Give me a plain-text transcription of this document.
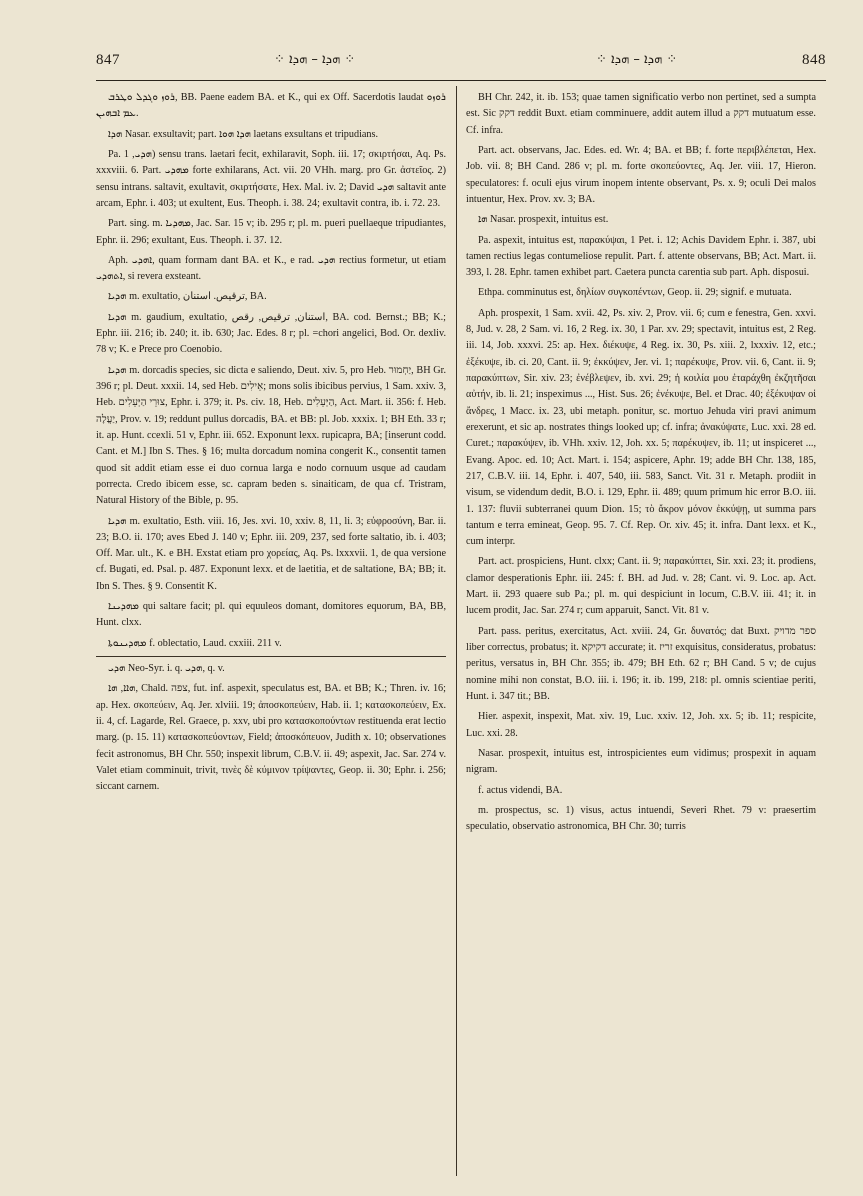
847	⁘ ܗܕܐ – ܗܕܐ ⁘	⁘ ܗܕܐ – ܗܕܐ ⁘	848

ܪܘܙ ܘܓܕܠ ܘܛܪܒ, BB. Paene eadem BA. et K., qui ex Off. Sacerdotis laudat ܪܘܙܘ ܥܡ ܐܒܗܝܢ.

ܗܕܐ Nasar. exsultavit; part. ܗܕܐ ܗܘܐ laetans exsultans et tripudians.

Pa. ܗܕܝ, 1) sensu trans. laetari fecit, exhilaravit, Soph. iii. 17; σκιρτήσαι, Aq. Ps. xxxviii. 6. Part. ܡܗܕܝ forte exhilarans, Act. vii. 20 VHh. marg. pro Gr. ἀστεῖος. 2) sensu intrans. saltavit, exultavit, σκιρτήσατε, Hex. Mal. iv. 2; David ܗܕܝ saltavit ante arcam, Ephr. i. 403; ut exultent, Eus. Theoph. i. 38. 24; exultavit contra, ib. i. 72. 23.

Part. sing. m. ܡܗܕܝܐ, Jac. Sar. 15 v; ib. 295 r; pl. m. pueri puellaeque tripudiantes, Ephr. ii. 296; exultant, Eus. Theoph. i. 37. 12.

Aph. ܐܗܕܝ, quam formam dant BA. et K., e rad. ܗܕܝ rectius formetur, ut etiam ܐܬܗܕܝ, si revera exsteant.

ܗܕܝܐ m. exultatio, ترقيص. استنان, BA.

ܗܕܝܐ m. gaudium, exultatio, استنان, ترقيص, رقص, BA. cod. Bernst.; BB; K.; Ephr. iii. 216; ib. 240; it. ib. 630; Jac. Edes. 8 r; pl. =chori angelici, Bod. Or. dexliv. 78 v; K. e Prece pro Coenobio.

ܗܕܝܐ m. dorcadis species, sic dicta e saliendo, Deut. xiv. 5, pro Heb. יַחְמוּר, BH Gr. 396 r; pl. Deut. xxxii. 14, sed Heb. אֵילִים; mons solis ibicibus pervius, 1 Sam. xxiv. 3, Heb. צוּרֵי הַיְּעֵלִים, Ephr. i. 379; it. Ps. civ. 18, Heb. הַיְּעֵלִים, Act. Mart. ii. 356: f. Heb. יַעֲלָה, Prov. v. 19; reddunt pullus dorcadis, BA. et BB: pl. Job. xxxix. 1; BH Eth. 33 r; it. ap. Hunt. ccexli. 51 v, Ephr. iii. 652. Exponunt lexx. rupicapra, BA; [inserunt codd. Cant. et M.] Ibn S. Thes. § 16; multa dorcadum nomina congerit K., consentit tamen quod sit addit etiam esse ei duo cornua larga e nodo cornuum usque ad caudam porrecta. Credo ibicem esse, sc. capram beden s. sinaiticam, de qua cf. Tristram, Natural History of the Bible, p. 95.

ܗܕܝܐ m. exultatio, Esth. viii. 16, Jes. xvi. 10, xxiv. 8, 11, li. 3; εὐφροσύνη, Bar. ii. 23; B.O. ii. 170; aves Ebed J. 140 v; Ephr. iii. 209, 237, sed forte saltatio, ib. i. 403; Off. Mar. ult., K. e BH. Exstat etiam pro χορείας, Aq. Ps. lxxxvii. 1, de qua versione cf. Bugati, ed. Psal. p. 487. Exponunt lexx. et de laetitia, et de saltatione, BA; BB; it. Ibn S. Thes. § 9. Consentit K.

ܡܗܕܝܢܐ qui saltare facit; pl. qui equuleos domant, domitores equorum, BA, BB, Hunt. clxx.

ܡܗܕܝܢܘܬܐ f. oblectatio, Laud. cxxiii. 211 v.

ܗܕܝ Neo-Syr. i. q. ܗܕܝ, q. v.

ܗܐܐ, ܗܐ, Chald. צפה, fut. inf. aspexit, speculatus est, BA. et BB; K.; Thren. iv. 16; ap. Hex. σκοπεύειν, Aq. Jer. xlviii. 19; ἀποσκοπεύειν, Hab. ii. 1; κατασκοπεύειν, Ex. ii. 4, cf. Lagarde, Rel. Graece, p. xxv, ubi pro κατασκοπούντων restituenda erat lectio marg. (p. 15. 11) κατασκοπεύοντων, Field; ἀποσκόπευον, Judith x. 10; observationes fecit astronomus, BH Chr. 550; inspexit librum, C.B.V. ii. 49; aspexit, Jac. Sar. 274 v. Valet etiam comminuit, trivit, τινὲς δὲ κύμινον τρίψαντες, Geop. ii. 30; Ephr. i. 256; siccant carnem.

BH Chr. 242, it. ib. 153; quae tamen significatio verbo non pertinet, sed a sumpta est. Sic דקק reddit Buxt. etiam comminuere, addit autem illud a דקק mutuatum esse. Cf. infra.

Part. act. observans, Jac. Edes. ed. Wr. 4; BA. et BB; f. forte περιβλέπεται, Hex. Job. vii. 8; BH Cand. 286 v; pl. m. forte σκοπεύοντες, Aq. Jer. viii. 17, Hieron. speculatores: f. oculi ejus virum inopem intente observant, Ps. x. 9; oculi Dei malos intuentur, Hex. Prov. xv. 3; BA.

ܗܐ Nasar. prospexit, intuitus est.

Pa. aspexit, intuitus est, παρακύψαι, 1 Pet. i. 12; Achis Davidem Ephr. i. 387, ubi tamen rectius legas contumeliose repulit. Part. f. attente observans, BB; Act. Mart. ii. 393, l. 28. Ephr. tamen exhibet part. Caetera puncta carentia sub part. Aph. disposui.

Ethpa. comminutus est, δηλίων συγκοπέντων, Geop. ii. 29; signif. e mutuata.

Aph. prospexit, 1 Sam. xvii. 42, Ps. xiv. 2, Prov. vii. 6; cum e fenestra, Gen. xxvi. 8, Jud. v. 28, 2 Sam. vi. 16, 2 Reg. ix. 30, 1 Par. xv. 29; spectavit, intuitus est, 2 Reg. iii. 14, Job. xxxvi. 25: ap. Hex. διέκυψε, 4 Reg. ix. 30, Ps. xiii. 2, lxxxiv. 12, etc.; ἐξέκυψε, ib. ci. 20, Cant. ii. 9; ἐκκύψεν, Jer. vi. 1; παρέκυψε, Prov. vii. 6, Cant. ii. 9; παρακύπτων, Sir. xiv. 23; ἐνέβλεψεν, ib. xvi. 29; ἡ κοιλία μου ἐταράχθη ἐκζητῆσαι αὐτήν, ib. li. 21; inspeximus ..., Hist. Sus. 26; ἐνέκυψε, Bel. et Drac. 40; ἐξέκυψαν οἱ ἄνδρες, 1 Macc. ix. 23, ubi metaph. ponitur, sc. mortuo Jehuda viri pravi animum erexerunt, et sic ap. nostrates things looked up; cf. infra; ἀνακύψατε, Luc. xxi. 28 ed. Curet.; παρακύψεν, ib. VHh. xxiv. 12, Joh. xx. 5; παρέκυψεν, ib. 11; ut inspiceret ..., Evang. Apoc. ed. 10; Act. Mart. i. 154; aspicere, Aphr. 19; adde BH Chr. 138, 185, 217, C.B.V. iii. 14, Ephr. i. 407, 540, iii. 583, Sanct. Vit. 31 r. Metaph. prodiit in visum, se videndum dedit, B.O. i. 129, Ephr. ii. 489; quum primum hic error B.O. iii. 1. 137: fluvii subterranei quum Dion. 15; τὸ ἄκρον μόνον ἐκκύψῃ, ut summa pars tantum e terra emineat, Geop. 95. 7. Cf. Rep. Or. xiv. 45; it. infra. Dant lexx. et K., cum interpr.

Part. act. prospiciens, Hunt. clxx; Cant. ii. 9; παρακύπτει, Sir. xxi. 23; it. prodiens, clamor desperationis Ephr. iii. 245: f. BH. ad Jud. v. 28; Cant. vi. 9. Loc. ap. Act. Mart. ii. 293 quaere sub Pa.; pl. m. qui despiciunt in locum, C.B.V. iii. 41; it. in lucem prodit, Jac. Sar. 274 r; cum apparuit, Sanct. Vit. 81 v.

Part. pass. peritus, exercitatus, Act. xviii. 24, Gr. δυνατός; dat Buxt. ספר מדויק liber correctus, probatus; it. דקיקא accurate; it. זריז exquisitus, consideratus, probatus: peritus, versatus in, BH Chr. 355; ib. 479; BH Eth. 62 r; BH Cand. 5 v; de cujus nomine mihi non constat, B.O. iii. i. 196; it. ib. 199, 218: pl. omnis scientiae periti, Hunt. i. 347 tit.; BB.

Hier. aspexit, inspexit, Mat. xiv. 19, Luc. xxiv. 12, Joh. xx. 5; ib. 11; respicite, Luc. xxi. 28.

Nasar. prospexit, intuitus est, introspicientes eum vidimus; prospexit in aquam nigram.

f. actus videndi, BA.

m. prospectus, sc. 1) visus, actus intuendi, Severi Rhet. 79 v: praesertim speculatio, observatio astronomica, BH Chr. 30; turris
